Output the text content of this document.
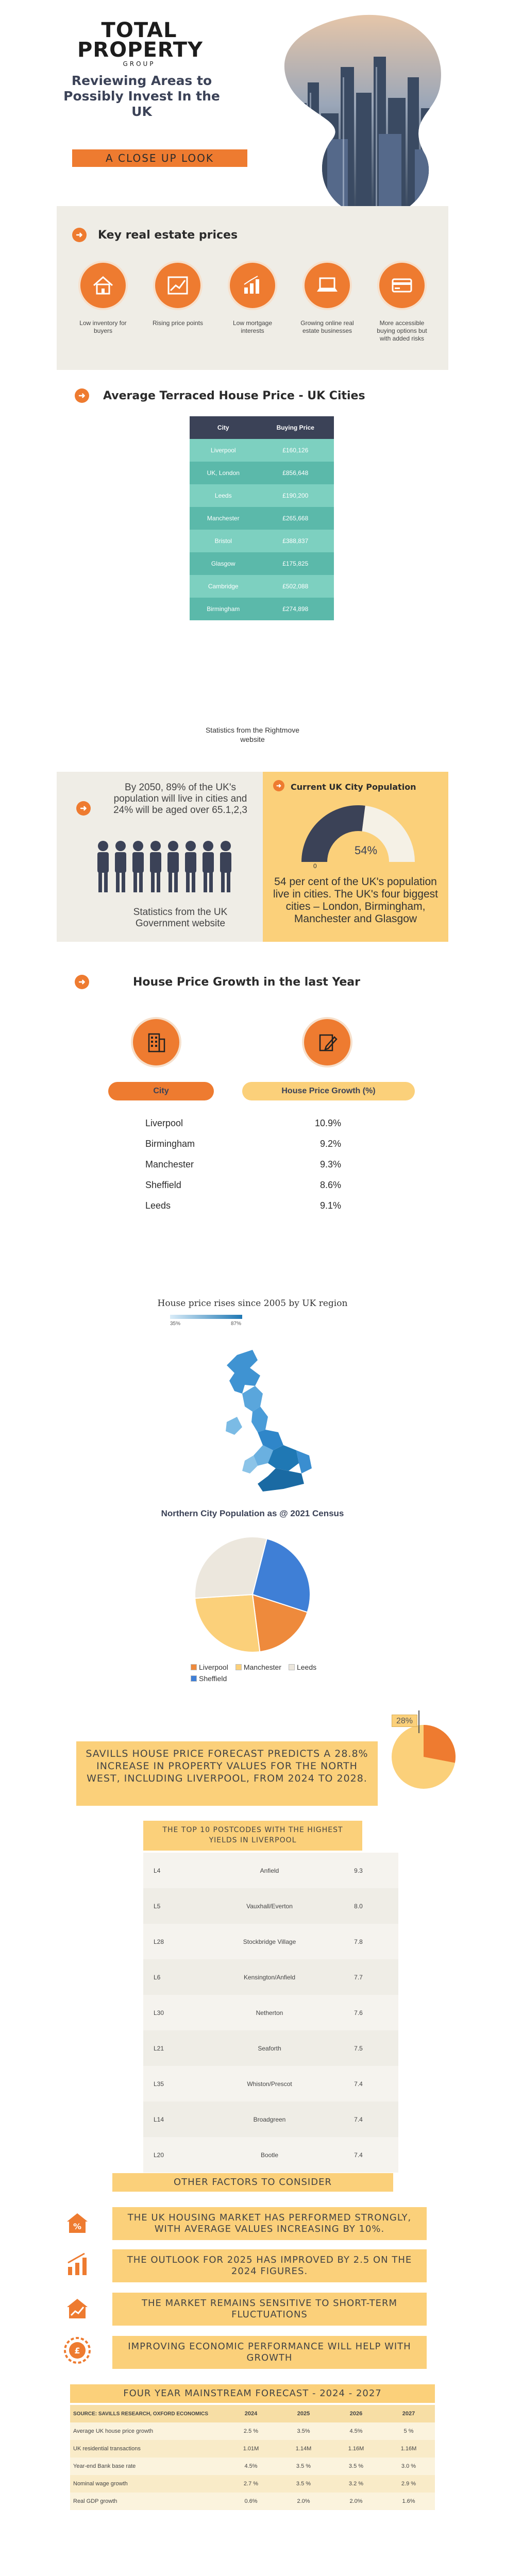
TOTAL
PROPERTY
GROUP
Reviewing Areas to Possibly Invest In the UK
A CLOSE UP LOOK
➜	Key real estate prices
Low inventory for buyers
Rising price points	Low mortgage interests
Growing online real estate businesses
More accessible buying options but with added risks
➜	Average Terraced House Price - UK Cities
City	Buying Price
Liverpool	£160,126
UK, London	£856,648
Leeds	£190,200
Manchester	£265,668
Bristol	£388,837
Glasgow	£175,825
Cambridge	£502,088
Birmingham	£274,898
Statistics from the Rightmove website
➜
By 2050, 89% of the UK's population will live in cities and 24% will be aged over 65.1,2,3
Statistics from the UK Government website
➜	Current UK City Population
0
54%
54 per cent of the UK's population live in cities. The UK's four biggest cities – London, Birmingham, Manchester and Glasgow
➜	House Price Growth in the last Year
City	House Price Growth (%)
Liverpool	10.9%
Birmingham	9.2%
Manchester	9.3%
Sheffield	8.6%
Leeds	9.1%
House price rises since 2005 by UK region
35%	87%
Northern City Population as @ 2021 Census
Liverpool Manchester Leeds
Sheffield
28%
SAVILLS HOUSE PRICE FORECAST PREDICTS A 28.8% INCREASE IN PROPERTY VALUES FOR THE NORTH WEST, INCLUDING LIVERPOOL, FROM 2024 TO 2028.
THE TOP 10 POSTCODES WITH THE HIGHEST YIELDS IN LIVERPOOL
L4	Anfield	9.3
L5	Vauxhall/Everton	8.0
L28	Stockbridge Village	7.8
L6	Kensington/Anfield	7.7
L30	Netherton	7.6
L21	Seaforth	7.5
L35	Whiston/Prescot	7.4
L14	Broadgreen	7.4
L20	Bootle	7.4
OTHER FACTORS TO CONSIDER
%
THE UK HOUSING MARKET HAS PERFORMED STRONGLY, WITH AVERAGE VALUES INCREASING BY 10%.
THE OUTLOOK FOR 2025 HAS IMPROVED BY 2.5 ON THE 2024 FIGURES.
THE MARKET REMAINS SENSITIVE TO SHORT-TERM FLUCTUATIONS
£	IMPROVING ECONOMIC PERFORMANCE WILL HELP WITH GROWTH
FOUR YEAR MAINSTREAM FORECAST - 2024 - 2027
SOURCE: SAVILLS RESEARCH, OXFORD ECONOMICS	2024	2025	2026	2027
Average UK house price growth	2.5 %	3.5%	4.5%	5 %
UK residential transactions	1.01M	1.14M	1.16M	1.16M
Year-end Bank base rate	4.5%	3.5 %	3.5 %	3.0 %
Nominal wage growth	2.7 %	3.5 %	3.2 %	2.9 %
Real GDP growth	0.6%	2.0%	2.0%	1.6%
